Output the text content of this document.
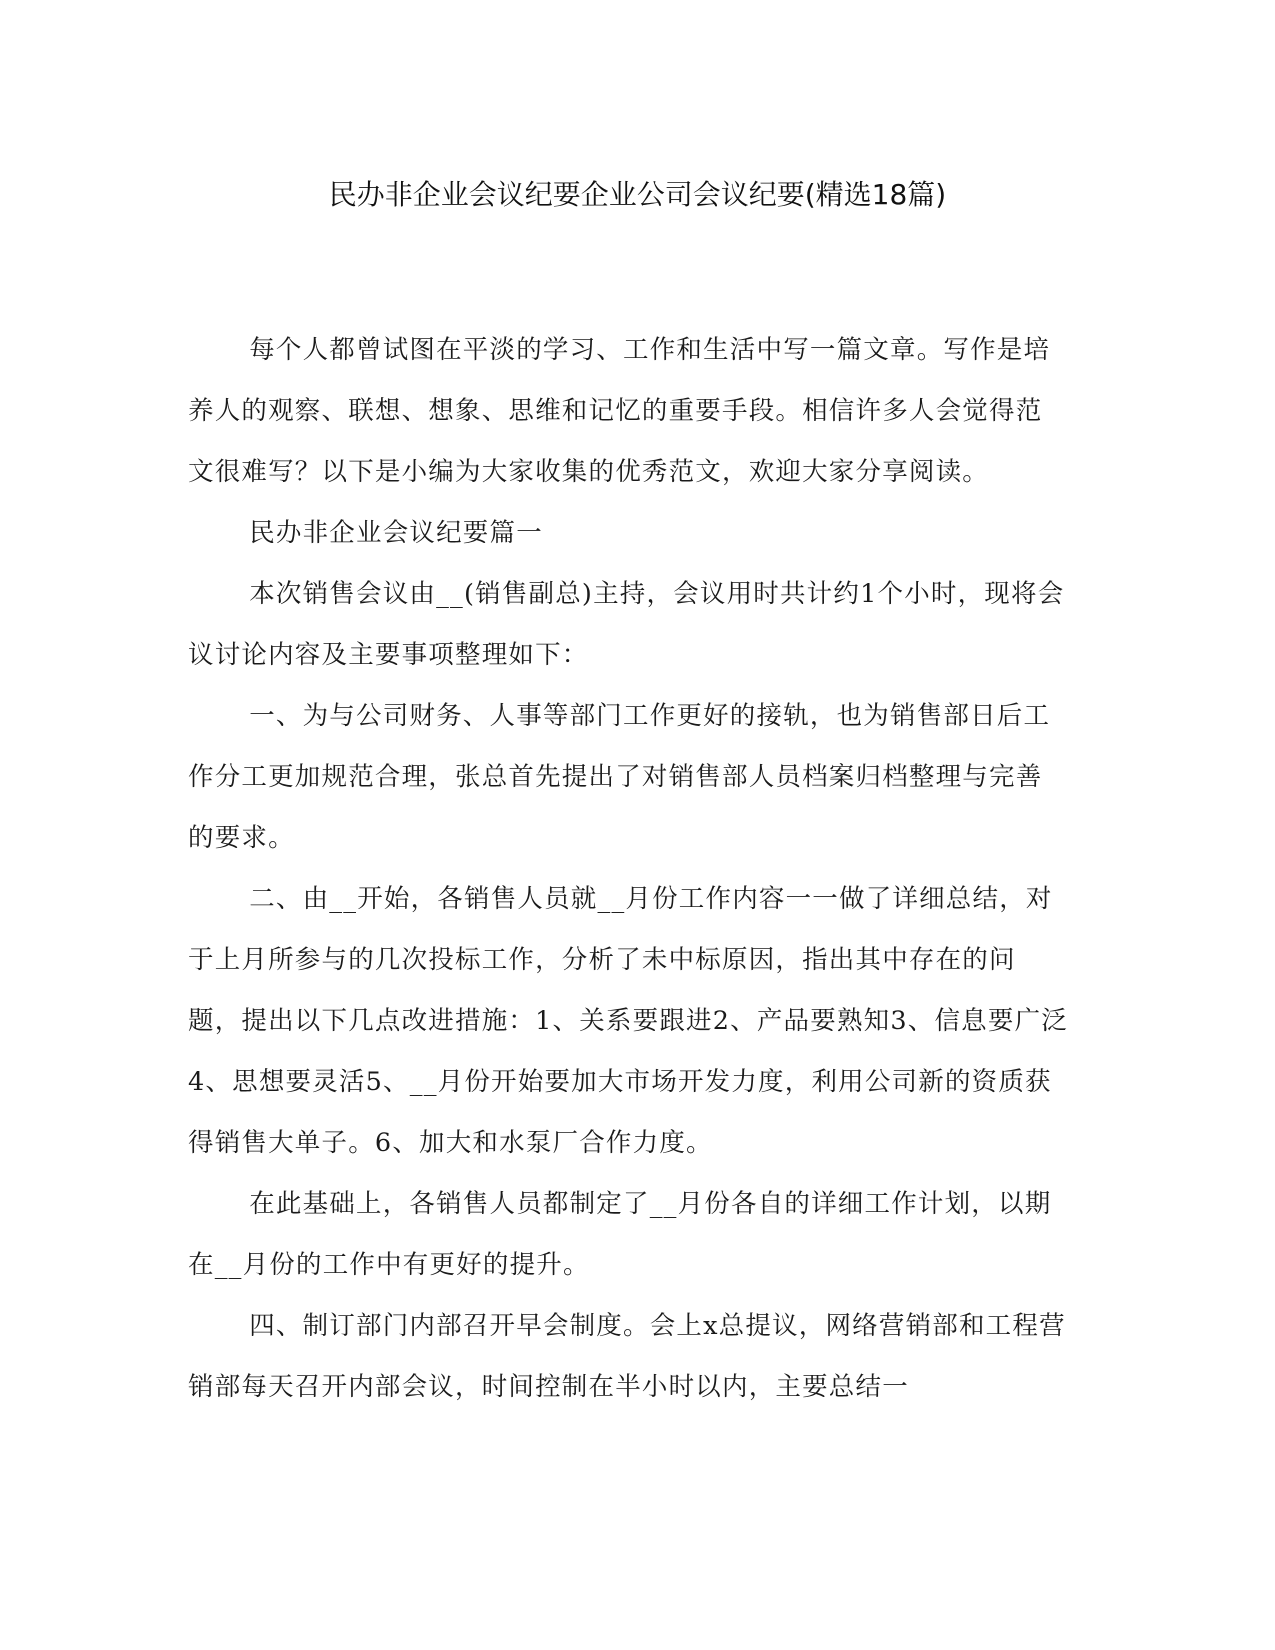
民办非企业会议纪要企业公司会议纪要(精选18篇)

每个人都曾试图在平淡的学习、工作和生活中写一篇文章。写作是培养人的观察、联想、想象、思维和记忆的重要手段。相信许多人会觉得范文很难写？以下是小编为大家收集的优秀范文，欢迎大家分享阅读。

民办非企业会议纪要篇一

本次销售会议由__(销售副总)主持，会议用时共计约1个小时，现将会议讨论内容及主要事项整理如下：

一、为与公司财务、人事等部门工作更好的接轨，也为销售部日后工作分工更加规范合理，张总首先提出了对销售部人员档案归档整理与完善的要求。

二、由__开始，各销售人员就__月份工作内容一一做了详细总结，对于上月所参与的几次投标工作，分析了未中标原因，指出其中存在的问题，提出以下几点改进措施：1、关系要跟进2、产品要熟知3、信息要广泛4、思想要灵活5、__月份开始要加大市场开发力度，利用公司新的资质获得销售大单子。6、加大和水泵厂合作力度。

在此基础上，各销售人员都制定了__月份各自的详细工作计划，以期在__月份的工作中有更好的提升。

四、制订部门内部召开早会制度。会上x总提议，网络营销部和工程营销部每天召开内部会议，时间控制在半小时以内，主要总结一
